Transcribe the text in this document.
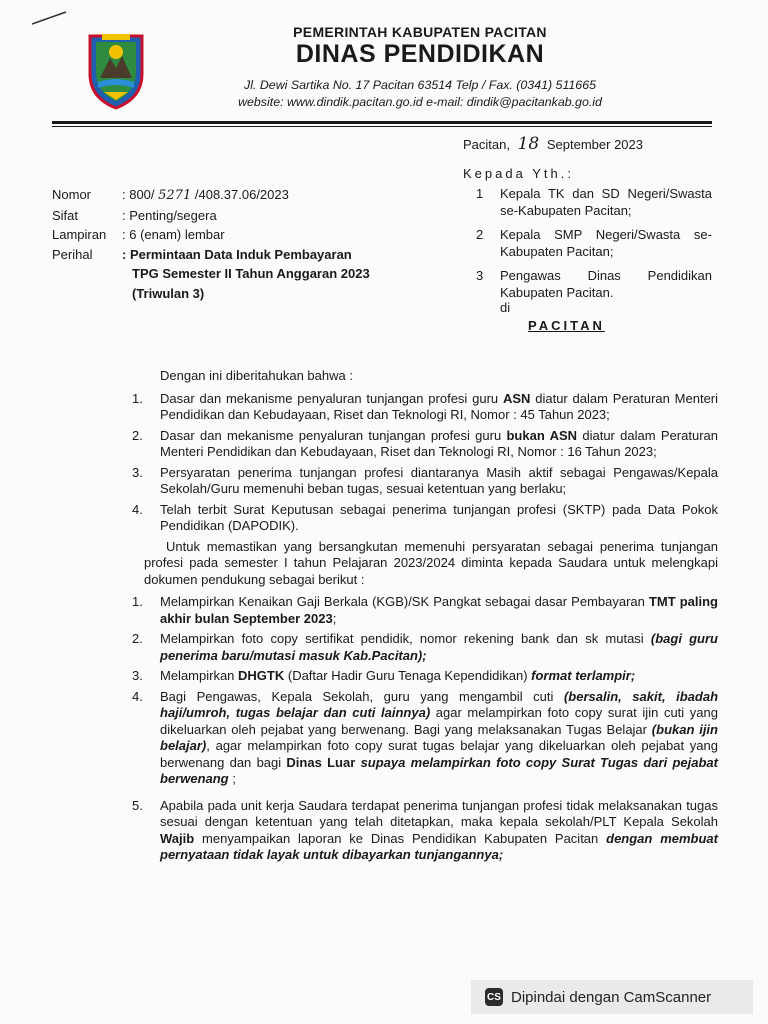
PEMERINTAH KABUPATEN PACITAN
DINAS PENDIDIKAN
Jl. Dewi Sartika No. 17 Pacitan 63514 Telp / Fax. (0341) 511665
website: www.dindik.pacitan.go.id e-mail: dindik@pacitankab.go.id
Pacitan, 18 September 2023
Kepada Yth.:
1	Kepala TK dan SD Negeri/Swasta se-Kabupaten Pacitan;
2	Kepala SMP Negeri/Swasta se-Kabupaten Pacitan;
3	Pengawas Dinas Pendidikan Kabupaten Pacitan.
di
PACITAN
Nomor	: 800/ 5271 /408.37.06/2023
Sifat	: Penting/segera
Lampiran	: 6 (enam) lembar
Perihal	: Permintaan Data Induk Pembayaran
TPG Semester II Tahun Anggaran 2023
(Triwulan 3)
Dengan ini diberitahukan bahwa :
1.	Dasar dan mekanisme penyaluran tunjangan profesi guru ASN diatur dalam Peraturan Menteri Pendidikan dan Kebudayaan, Riset dan Teknologi RI, Nomor : 45 Tahun 2023;
2.	Dasar dan mekanisme penyaluran tunjangan profesi guru bukan ASN diatur dalam Peraturan Menteri Pendidikan dan Kebudayaan, Riset dan Teknologi RI, Nomor : 16 Tahun 2023;
3.	Persyaratan penerima tunjangan profesi diantaranya Masih aktif sebagai Pengawas/Kepala Sekolah/Guru memenuhi beban tugas, sesuai ketentuan yang berlaku;
4.	Telah terbit Surat Keputusan sebagai penerima tunjangan profesi (SKTP) pada Data Pokok Pendidikan (DAPODIK).
Untuk memastikan yang bersangkutan memenuhi persyaratan sebagai penerima tunjangan profesi pada semester I tahun Pelajaran 2023/2024 diminta kepada Saudara untuk melengkapi dokumen pendukung sebagai berikut :
1.	Melampirkan Kenaikan Gaji Berkala (KGB)/SK Pangkat sebagai dasar Pembayaran TMT paling akhir bulan September 2023;
2.	Melampirkan foto copy sertifikat pendidik, nomor rekening bank dan sk mutasi (bagi guru penerima baru/mutasi masuk Kab.Pacitan);
3.	Melampirkan DHGTK (Daftar Hadir Guru Tenaga Kependidikan) format terlampir;
4.	Bagi Pengawas, Kepala Sekolah, guru yang mengambil cuti (bersalin, sakit, ibadah haji/umroh, tugas belajar dan cuti lainnya) agar melampirkan foto copy surat ijin cuti yang dikeluarkan oleh pejabat yang berwenang. Bagi yang melaksanakan Tugas Belajar (bukan ijin belajar), agar melampirkan foto copy surat tugas belajar yang dikeluarkan oleh pejabat yang berwenang dan bagi Dinas Luar supaya melampirkan foto copy Surat Tugas dari pejabat berwenang ;
5.	Apabila pada unit kerja Saudara terdapat penerima tunjangan profesi tidak melaksanakan tugas sesuai dengan ketentuan yang telah ditetapkan, maka kepala sekolah/PLT Kepala Sekolah Wajib menyampaikan laporan ke Dinas Pendidikan Kabupaten Pacitan dengan membuat pernyataan tidak layak untuk dibayarkan tunjangannya;
CS Dipindai dengan CamScanner
